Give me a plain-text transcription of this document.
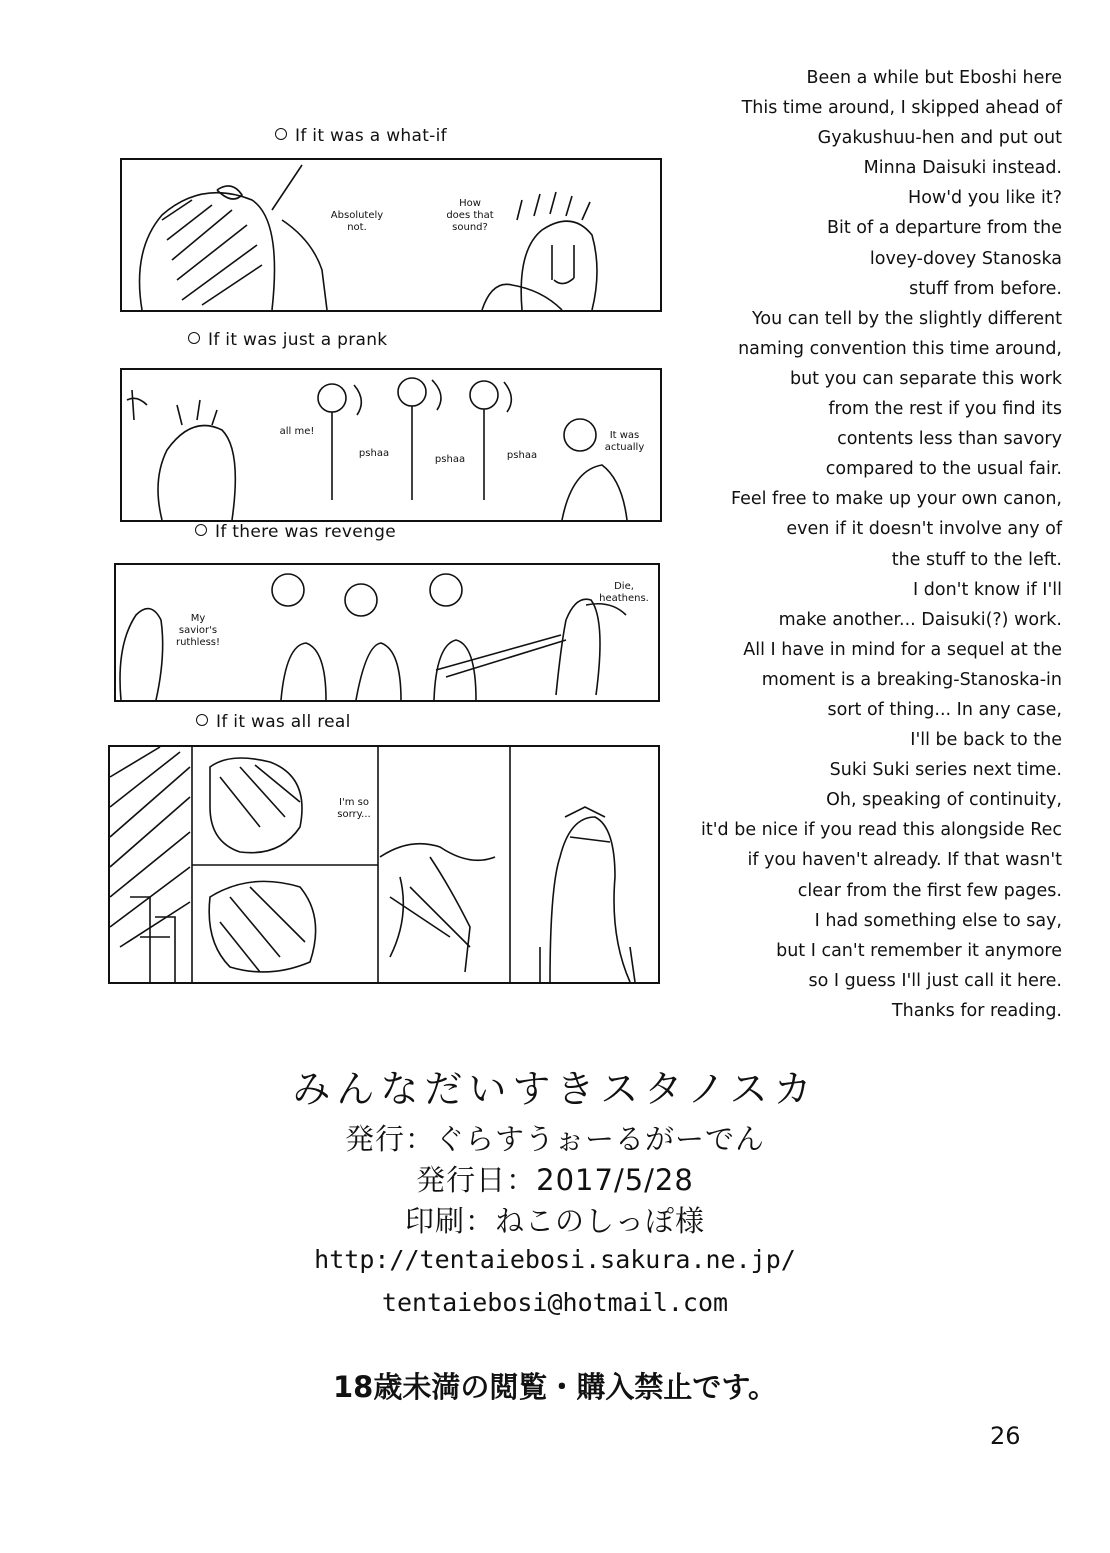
If it was a what-if
Absolutely
not.
How
does that
sound?
If it was just a prank
all me!
pshaa
pshaa	pshaa
It was
actually
If there was revenge
My
savior's
ruthless!
Die,
heathens.
If it was all real
I'm so
sorry...
Been a while but Eboshi here
This time around, I skipped ahead of
Gyakushuu-hen and put out
Minna Daisuki instead.
How'd you like it?
Bit of a departure from the
lovey-dovey Stanoska
stuff from before.
You can tell by the slightly different
naming convention this time around,
but you can separate this work
from the rest if you find its
contents less than savory
compared to the usual fair.
Feel free to make up your own canon,
even if it doesn't involve any of
the stuff to the left.
I don't know if I'll
make another... Daisuki(?) work.
All I have in mind for a sequel at the
moment is a breaking-Stanoska-in
sort of thing... In any case,
I'll be back to the
Suki Suki series next time.
Oh, speaking of continuity,
it'd be nice if you read this alongside Rec
if you haven't already. If that wasn't
clear from the first few pages.
I had something else to say,
but I can't remember it anymore
so I guess I'll just call it here.
Thanks for reading.
みんなだいすきスタノスカ
発行：ぐらすうぉーるがーでん
発行日：2017/5/28
印刷：ねこのしっぽ様
http://tentaiebosi.sakura.ne.jp/
tentaiebosi@hotmail.com
18歳未満の閲覧・購入禁止です。
26
